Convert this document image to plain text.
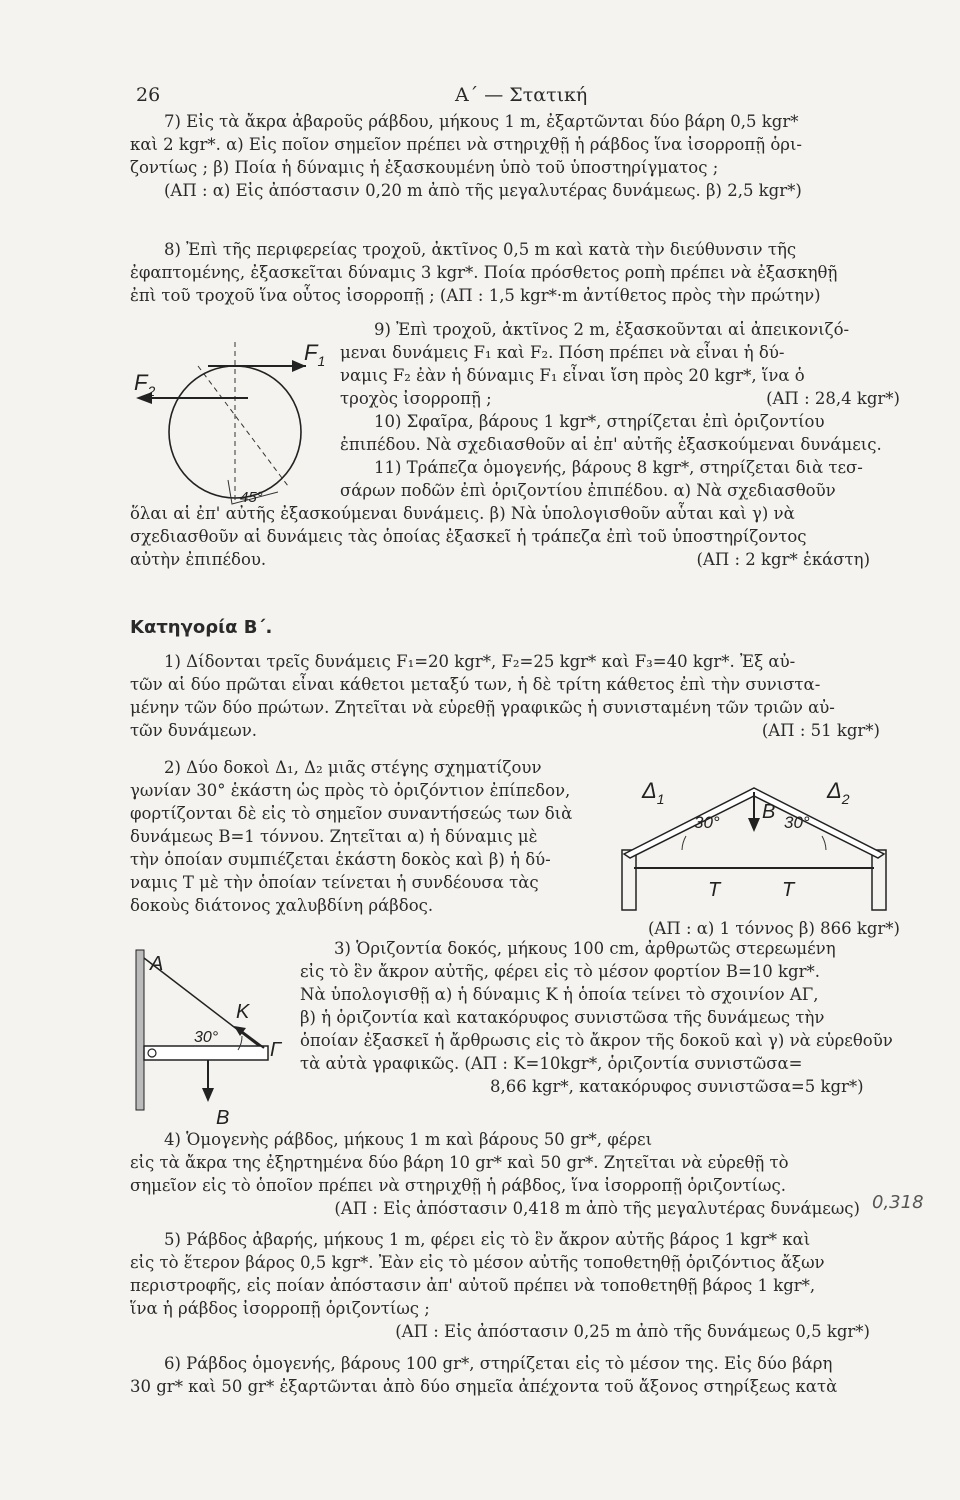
26	Α΄ — Στατική

7) Εἰς τὰ ἄκρα ἀβαροῦς ράβδου, μήκους 1 m, ἐξαρτῶνται δύο βάρη 0,5 kgr*

καὶ 2 kgr*. α) Εἰς ποῖον σημεῖον πρέπει νὰ στηριχθῇ ἡ ράβδος ἵνα ἰσορροπῇ ὁρι-

ζοντίως ; β) Ποία ἡ δύναμις ἡ ἐξασκουμένη ὑπὸ τοῦ ὑποστηρίγματος ;

(ΑΠ : α) Εἰς ἀπόστασιν 0,20 m ἀπὸ τῆς μεγαλυτέρας δυνάμεως. β) 2,5 kgr*)

8) Ἐπὶ τῆς περιφερείας τροχοῦ, ἀκτῖνος 0,5 m καὶ κατὰ τὴν διεύθυνσιν τῆς

ἐφαπτομένης, ἐξασκεῖται δύναμις 3 kgr*. Ποία πρόσθετος ροπὴ πρέπει νὰ ἐξασκηθῇ

ἐπὶ τοῦ τροχοῦ ἵνα οὗτος ἰσορροπῇ ; (ΑΠ : 1,5 kgr*·m ἀντίθετος πρὸς τὴν πρώτην)

$F_1$
$F_2$
45°

9) Ἐπὶ τροχοῦ, ἀκτῖνος 2 m, ἐξασκοῦνται αἱ ἀπεικονιζό-

μεναι δυνάμεις F₁ καὶ F₂. Πόση πρέπει νὰ εἶναι ἡ δύ-

ναμις F₂ ἐὰν ἡ δύναμις F₁ εἶναι ἴση πρὸς 20 kgr*, ἵνα ὁ

τροχὸς ἰσορροπῇ ;	(ΑΠ : 28,4 kgr*)

10) Σφαῖρα, βάρους 1 kgr*, στηρίζεται ἐπὶ ὁριζοντίου

ἐπιπέδου. Νὰ σχεδιασθοῦν αἱ ἐπ' αὐτῆς ἐξασκούμεναι δυνάμεις.

11) Τράπεζα ὁμογενής, βάρους 8 kgr*, στηρίζεται διὰ τεσ-

σάρων ποδῶν ἐπὶ ὁριζοντίου ἐπιπέδου. α) Νὰ σχεδιασθοῦν

ὅλαι αἱ ἐπ' αὐτῆς ἐξασκούμεναι δυνάμεις. β) Νὰ ὑπολογισθοῦν αὗται καὶ γ) νὰ

σχεδιασθοῦν αἱ δυνάμεις τὰς ὁποίας ἐξασκεῖ ἡ τράπεζα ἐπὶ τοῦ ὑποστηρίζοντος

αὐτὴν ἐπιπέδου.	(ΑΠ : 2 kgr* ἑκάστη)

Κατηγορία Β΄.

1) Δίδονται τρεῖς δυνάμεις F₁=20 kgr*, F₂=25 kgr* καὶ F₃=40 kgr*. Ἐξ αὐ-

τῶν αἱ δύο πρῶται εἶναι κάθετοι μεταξύ των, ἡ δὲ τρίτη κάθετος ἐπὶ τὴν συνιστα-

μένην τῶν δύο πρώτων. Ζητεῖται νὰ εὑρεθῇ γραφικῶς ἡ συνισταμένη τῶν τριῶν αὐ-

τῶν δυνάμεων.	(ΑΠ : 51 kgr*)

2) Δύο δοκοὶ Δ₁, Δ₂ μιᾶς στέγης σχηματίζουν

γωνίαν 30° ἑκάστη ὡς πρὸς τὸ ὁριζόντιον ἐπίπεδον,

φορτίζονται δὲ εἰς τὸ σημεῖον συναντήσεώς των διὰ

δυνάμεως B=1 τόννου. Ζητεῖται α) ἡ δύναμις μὲ

τὴν ὁποίαν συμπιέζεται ἑκάστη δοκὸς καὶ β) ἡ δύ-

ναμις T μὲ τὴν ὁποίαν τείνεται ἡ συνδέουσα τὰς

δοκοὺς διάτονος χαλυβδίνη ράβδος.

(ΑΠ : α) 1 τόννος β) 866 kgr*)
$\Delta_1$	$\Delta_2$
B
30°	30°
T	T
A
K
30°
Γ
B

3) Ὁριζοντία δοκός, μήκους 100 cm, ἀρθρωτῶς στερεωμένη

εἰς τὸ ἓν ἄκρον αὐτῆς, φέρει εἰς τὸ μέσον φορτίον B=10 kgr*.

Νὰ ὑπολογισθῇ α) ἡ δύναμις K ἡ ὁποία τείνει τὸ σχοινίον ΑΓ,

β) ἡ ὁριζοντία καὶ κατακόρυφος συνιστῶσα τῆς δυνάμεως τὴν

ὁποίαν ἐξασκεῖ ἡ ἄρθρωσις εἰς τὸ ἄκρον τῆς δοκοῦ καὶ γ) νὰ εὑρεθοῦν

τὰ αὐτὰ γραφικῶς. (ΑΠ : K=10kgr*, ὁριζοντία συνιστῶσα=

8,66 kgr*, κατακόρυφος συνιστῶσα=5 kgr*)

4) Ὁμογενὴς ράβδος, μήκους 1 m καὶ βάρους 50 gr*, φέρει

εἰς τὰ ἄκρα της ἐξηρτημένα δύο βάρη 10 gr* καὶ 50 gr*. Ζητεῖται νὰ εὑρεθῇ τὸ

σημεῖον εἰς τὸ ὁποῖον πρέπει νὰ στηριχθῇ ἡ ράβδος, ἵνα ἰσορροπῇ ὁριζοντίως.

(ΑΠ : Εἰς ἀπόστασιν 0,418 m ἀπὸ τῆς μεγαλυτέρας δυνάμεως) 0,318

5) Ράβδος ἀβαρής, μήκους 1 m, φέρει εἰς τὸ ἓν ἄκρον αὐτῆς βάρος 1 kgr* καὶ

εἰς τὸ ἕτερον βάρος 0,5 kgr*. Ἐὰν εἰς τὸ μέσον αὐτῆς τοποθετηθῇ ὁριζόντιος ἄξων

περιστροφῆς, εἰς ποίαν ἀπόστασιν ἀπ' αὐτοῦ πρέπει νὰ τοποθετηθῇ βάρος 1 kgr*,

ἵνα ἡ ράβδος ἰσορροπῇ ὁριζοντίως ;

(ΑΠ : Εἰς ἀπόστασιν 0,25 m ἀπὸ τῆς δυνάμεως 0,5 kgr*)

6) Ράβδος ὁμογενής, βάρους 100 gr*, στηρίζεται εἰς τὸ μέσον της. Εἰς δύο βάρη

30 gr* καὶ 50 gr* ἐξαρτῶνται ἀπὸ δύο σημεῖα ἀπέχοντα τοῦ ἄξονος στηρίξεως κατὰ
